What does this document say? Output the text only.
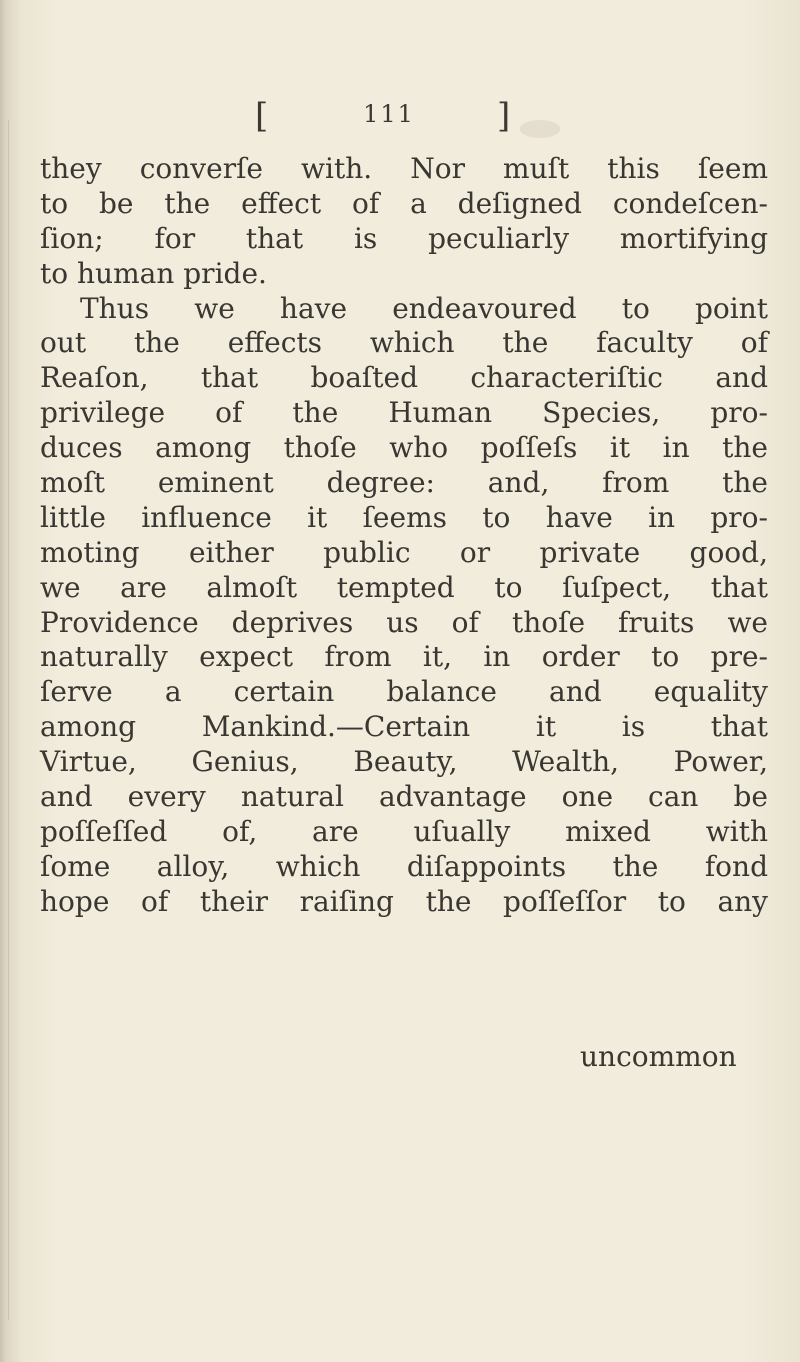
[	111 ]
they converſe with. Nor muſt this ſeem
to be the effect of a deſigned condeſcen-
ſion; for that is peculiarly mortifying
to human pride.
Thus we have endeavoured to point
out the effects which the faculty of
Reaſon, that boaſted characteriſtic and
privilege of the Human Species, pro-
duces among thoſe who poſſeſs it in the
moſt eminent degree: and, from the
little influence it ſeems to have in pro-
moting either public or private good,
we are almoſt tempted to ſuſpect, that
Providence deprives us of thoſe fruits we
naturally expect from it, in order to pre-
ſerve a certain balance and equality
among Mankind.—Certain it is that
Virtue, Genius, Beauty, Wealth, Power,
and every natural advantage one can be
poſſeſſed of, are uſually mixed with
ſome alloy, which diſappoints the fond
hope of their raiſing the poſſeſſor to any
uncommon
